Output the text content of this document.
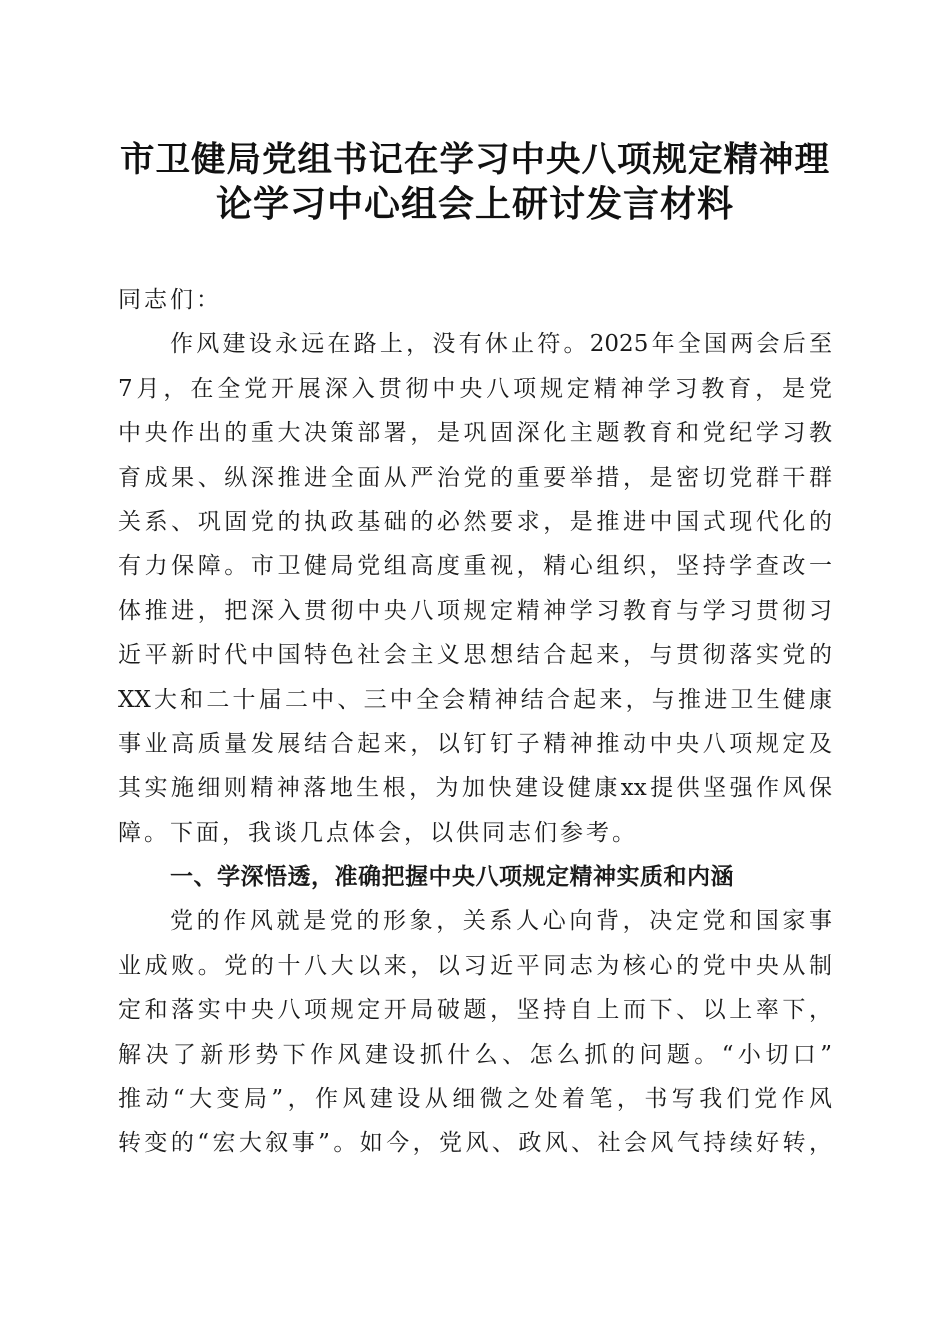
市卫健局党组书记在学习中央八项规定精神理
论学习中心组会上研讨发言材料
同志们：
作风建设永远在路上，没有休止符。2025年全国两会后至
7月，在全党开展深入贯彻中央八项规定精神学习教育，是党
中央作出的重大决策部署，是巩固深化主题教育和党纪学习教
育成果、纵深推进全面从严治党的重要举措，是密切党群干群
关系、巩固党的执政基础的必然要求，是推进中国式现代化的
有力保障。市卫健局党组高度重视，精心组织，坚持学查改一
体推进，把深入贯彻中央八项规定精神学习教育与学习贯彻习
近平新时代中国特色社会主义思想结合起来，与贯彻落实党的
XX大和二十届二中、三中全会精神结合起来，与推进卫生健康
事业高质量发展结合起来，以钉钉子精神推动中央八项规定及
其实施细则精神落地生根，为加快建设健康xx提供坚强作风保
障。下面，我谈几点体会，以供同志们参考。
一、学深悟透，准确把握中央八项规定精神实质和内涵
党的作风就是党的形象，关系人心向背，决定党和国家事
业成败。党的十八大以来，以习近平同志为核心的党中央从制
定和落实中央八项规定开局破题，坚持自上而下、以上率下，
解决了新形势下作风建设抓什么、怎么抓的问题。“小切口”
推动“大变局”，作风建设从细微之处着笔，书写我们党作风
转变的“宏大叙事”。如今，党风、政风、社会风气持续好转，
